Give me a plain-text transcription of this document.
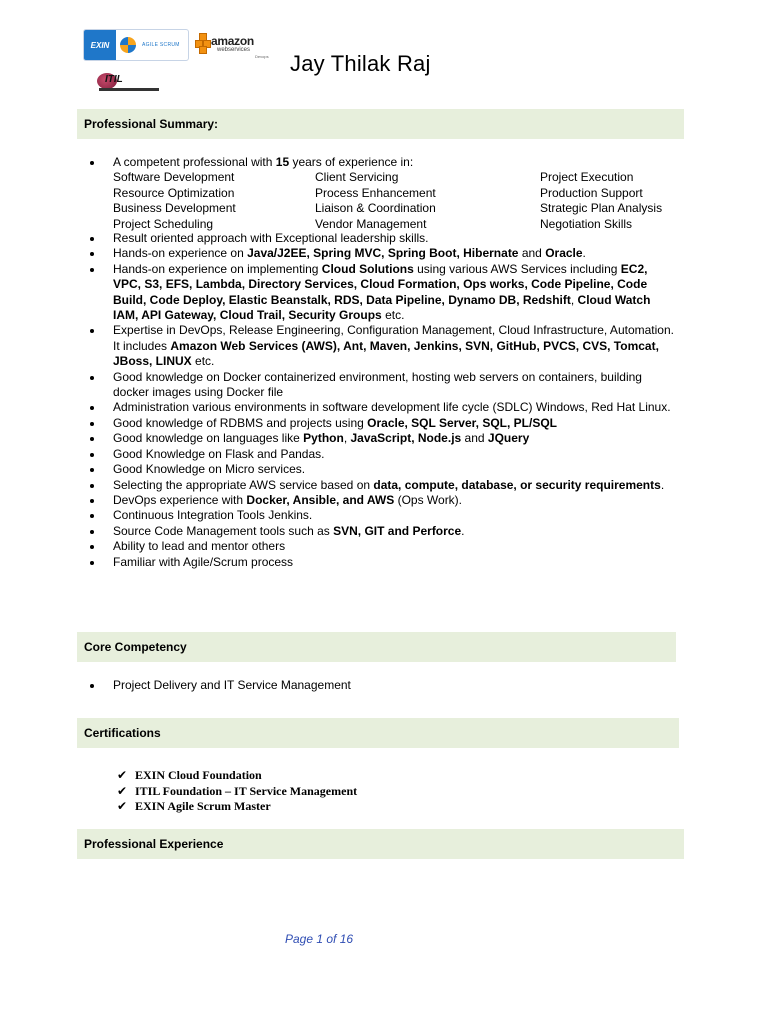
EXIN	AGILE SCRUM	amazon
webservices
Devops
ITIL
Jay Thilak Raj
Professional Summary:
A competent professional with 15 years of experience in:
Software Development	Client Servicing	Project Execution
Resource Optimization	Process Enhancement	Production Support
Business Development	Liaison & Coordination	Strategic Plan Analysis
Project Scheduling	Vendor Management	Negotiation Skills
Result oriented approach with Exceptional leadership skills.
Hands-on experience on Java/J2EE, Spring MVC, Spring Boot, Hibernate and Oracle.
Hands-on experience on implementing Cloud Solutions using various AWS Services including EC2, VPC, S3, EFS, Lambda, Directory Services, Cloud Formation, Ops works, Code Pipeline, Code Build, Code Deploy, Elastic Beanstalk, RDS, Data Pipeline, Dynamo DB, Redshift, Cloud Watch IAM, API Gateway, Cloud Trail, Security Groups etc.
Expertise in DevOps, Release Engineering, Configuration Management, Cloud Infrastructure, Automation. It includes Amazon Web Services (AWS), Ant, Maven, Jenkins, SVN, GitHub, PVCS, CVS, Tomcat, JBoss, LINUX etc.
Good knowledge on Docker containerized environment, hosting web servers on containers, building docker images using Docker file
Administration various environments in software development life cycle (SDLC) Windows, Red Hat Linux.
Good knowledge of RDBMS and projects using Oracle, SQL Server, SQL, PL/SQL
Good knowledge on languages like Python, JavaScript, Node.js and JQuery
Good Knowledge on Flask and Pandas.
Good Knowledge on Micro services.
Selecting the appropriate AWS service based on data, compute, database, or security requirements.
DevOps experience with Docker, Ansible, and AWS (Ops Work).
Continuous Integration Tools Jenkins.
Source Code Management tools such as SVN, GIT and Perforce.
Ability to lead and mentor others
Familiar with Agile/Scrum process
Core Competency
Project Delivery and IT Service Management
Certifications
✔ EXIN Cloud Foundation
✔ ITIL Foundation – IT Service Management
✔ EXIN Agile Scrum Master
Professional Experience
Page 1 of 16
